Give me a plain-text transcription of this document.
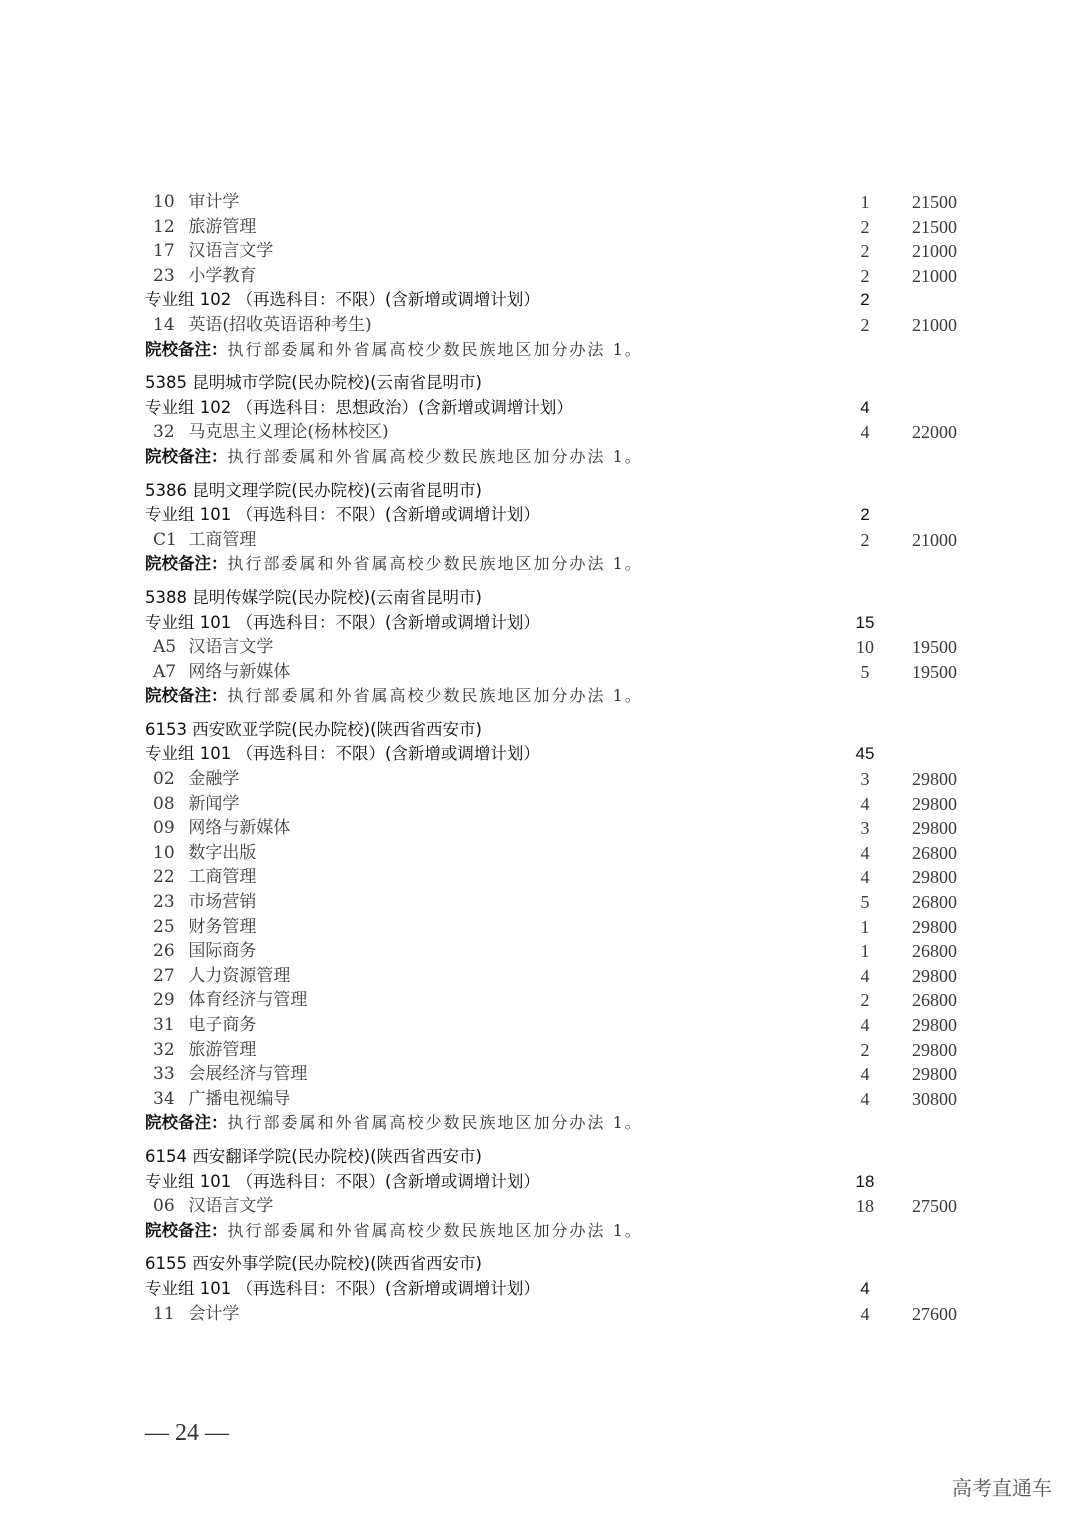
10 审计学	1	21500
12 旅游管理	2	21500
17 汉语言文学	2	21000
23 小学教育	2	21000
专业组 102 （再选科目：不限）(含新增或调增计划）	2
14 英语(招收英语语种考生)	2	21000
院校备注：执行部委属和外省属高校少数民族地区加分办法 1。
5385 昆明城市学院(民办院校)(云南省昆明市)
专业组 102 （再选科目：思想政治）(含新增或调增计划）	4
32 马克思主义理论(杨林校区)	4	22000
院校备注：执行部委属和外省属高校少数民族地区加分办法 1。
5386 昆明文理学院(民办院校)(云南省昆明市)
专业组 101 （再选科目：不限）(含新增或调增计划）	2
C1 工商管理	2	21000
院校备注：执行部委属和外省属高校少数民族地区加分办法 1。
5388 昆明传媒学院(民办院校)(云南省昆明市)
专业组 101 （再选科目：不限）(含新增或调增计划）	15
A5 汉语言文学	10	19500
A7 网络与新媒体	5	19500
院校备注：执行部委属和外省属高校少数民族地区加分办法 1。
6153 西安欧亚学院(民办院校)(陕西省西安市)
专业组 101 （再选科目：不限）(含新增或调增计划）	45
02 金融学	3	29800
08 新闻学	4	29800
09 网络与新媒体	3	29800
10 数字出版	4	26800
22 工商管理	4	29800
23 市场营销	5	26800
25 财务管理	1	29800
26 国际商务	1	26800
27 人力资源管理	4	29800
29 体育经济与管理	2	26800
31 电子商务	4	29800
32 旅游管理	2	29800
33 会展经济与管理	4	29800
34 广播电视编导	4	30800
院校备注：执行部委属和外省属高校少数民族地区加分办法 1。
6154 西安翻译学院(民办院校)(陕西省西安市)
专业组 101 （再选科目：不限）(含新增或调增计划）	18
06 汉语言文学	18	27500
院校备注：执行部委属和外省属高校少数民族地区加分办法 1。
6155 西安外事学院(民办院校)(陕西省西安市)
专业组 101 （再选科目：不限）(含新增或调增计划）	4
11 会计学	4	27600
— 24 —
高考直通车
